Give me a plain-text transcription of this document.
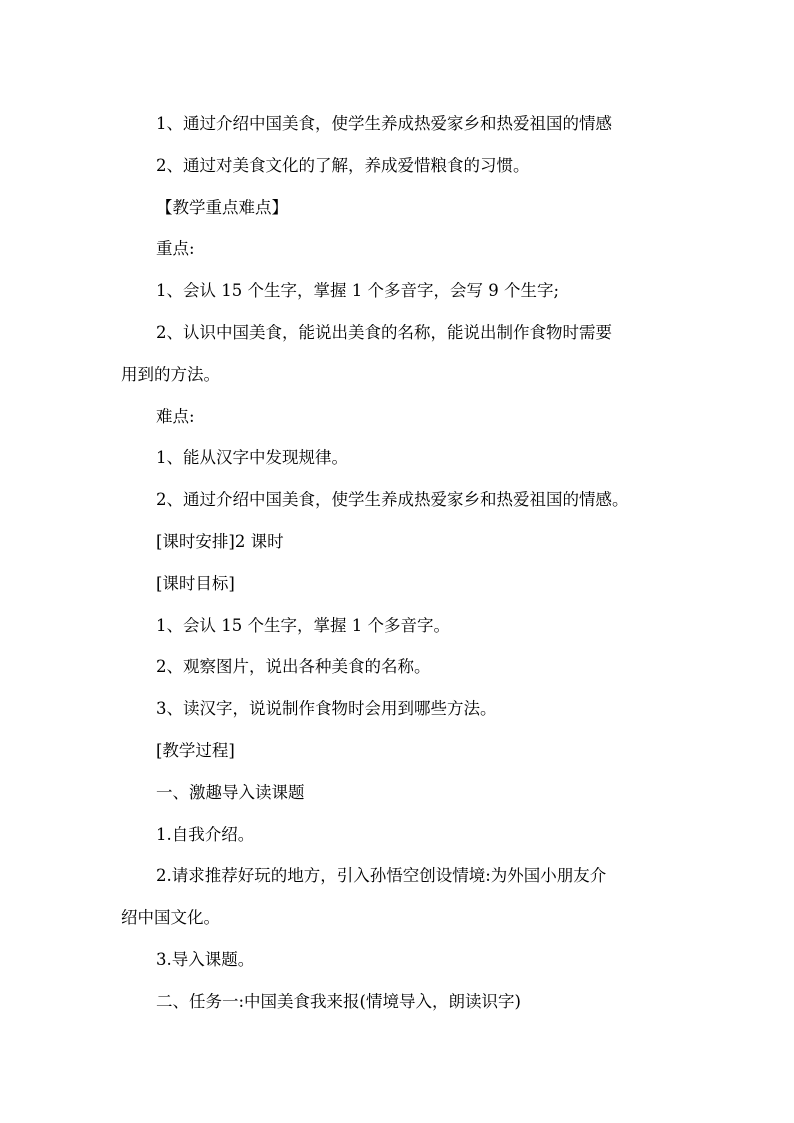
1、通过介绍中国美食，使学生养成热爱家乡和热爱祖国的情感
2、通过对美食文化的了解，养成爱惜粮食的习惯。
【教学重点难点】
重点:
1、会认 15 个生字，掌握 1 个多音字，会写 9 个生字;
2、认识中国美食，能说出美食的名称，能说出制作食物时需要
用到的方法。
难点:
1、能从汉字中发现规律。
2、通过介绍中国美食，使学生养成热爱家乡和热爱祖国的情感。
[课时安排]2 课时
[课时目标]
1、会认 15 个生字，掌握 1 个多音字。
2、观察图片，说出各种美食的名称。
3、读汉字，说说制作食物时会用到哪些方法。
[教学过程]
一、激趣导入读课题
1.自我介绍。
2.请求推荐好玩的地方，引入孙悟空创设情境:为外国小朋友介
绍中国文化。
3.导入课题。
二、任务一:中国美食我来报(情境导入，朗读识字)
